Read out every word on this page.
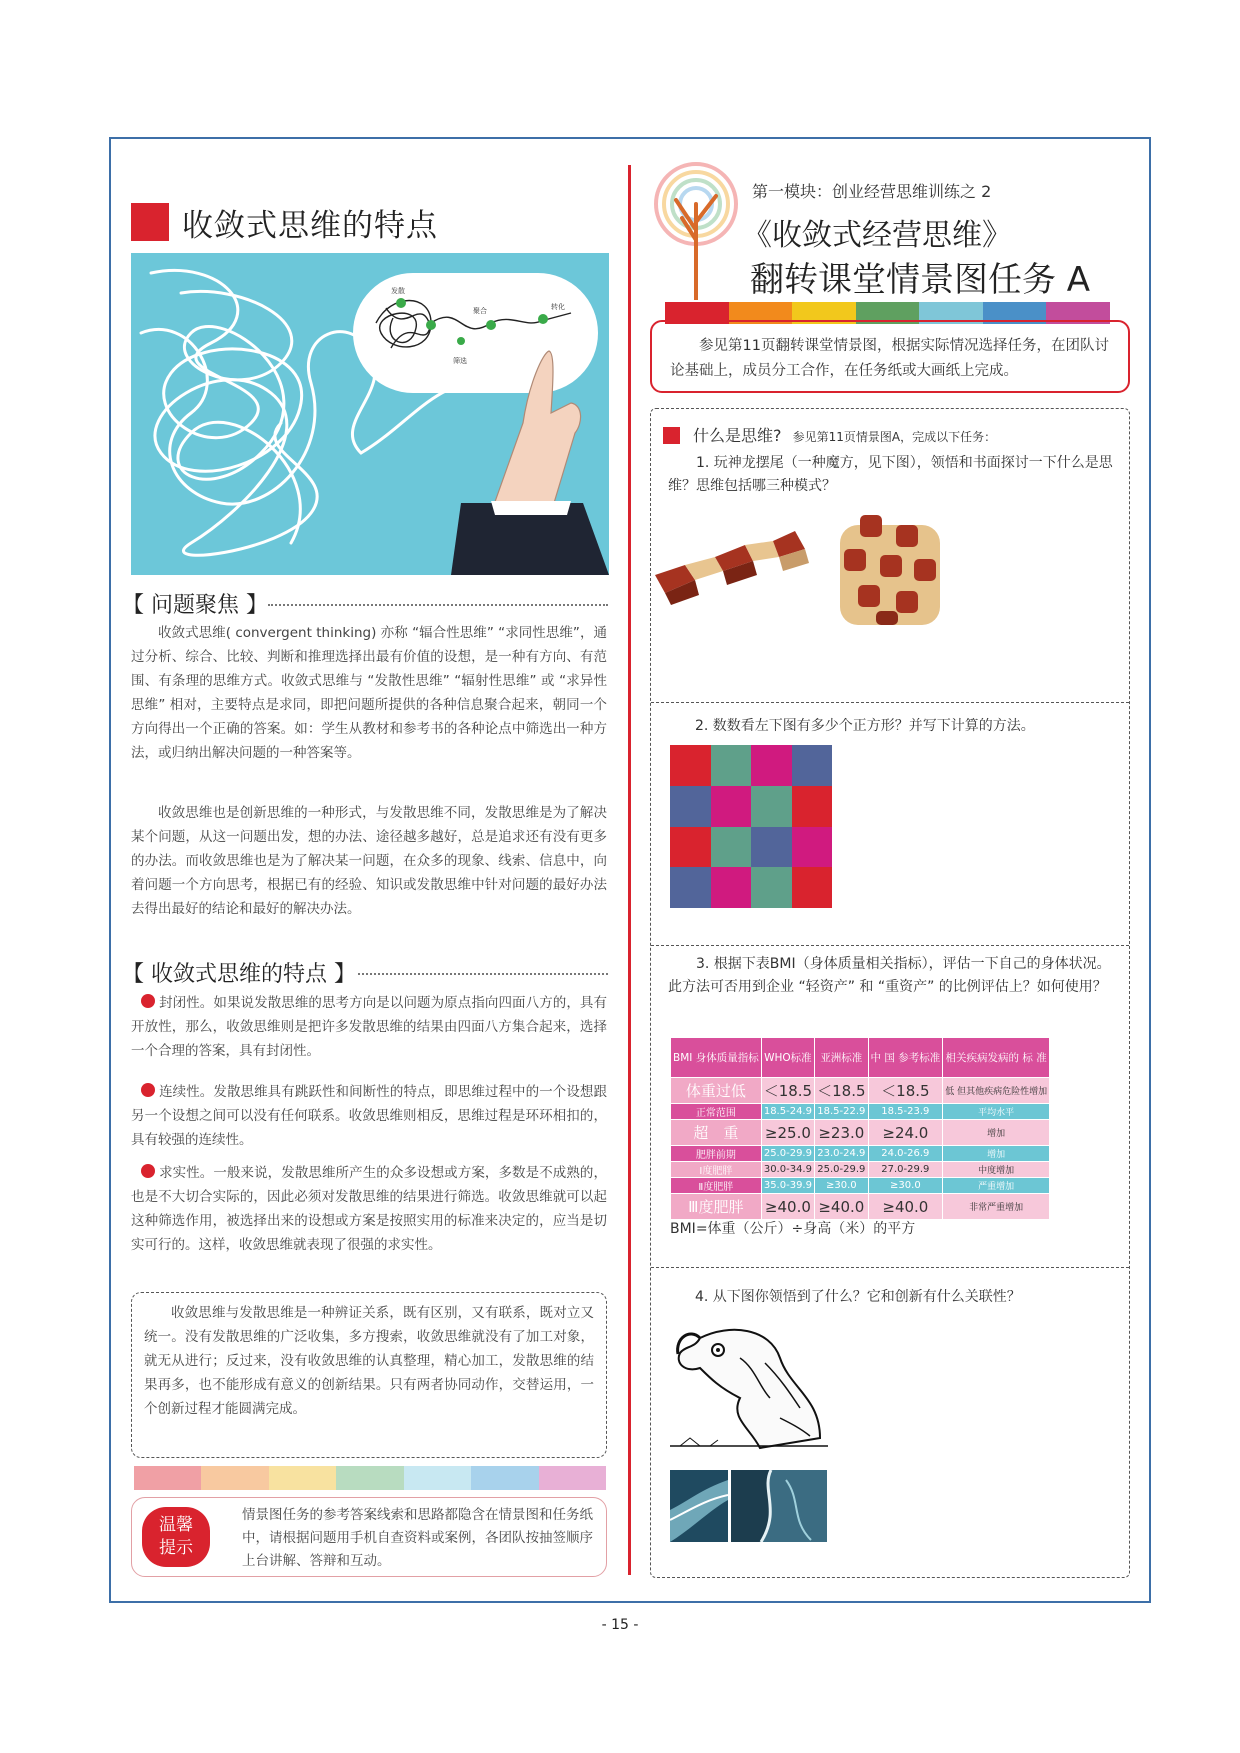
收敛式思维的特点
发散
聚合	转化
筛选
【 问题聚焦 】
收敛式思维( convergent thinking) 亦称 “辐合性思维” “求同性思维”，通过分析、综合、比较、判断和推理选择出最有价值的设想，是一种有方向、有范围、有条理的思维方式。收敛式思维与 “发散性思维” “辐射性思维” 或 “求异性思维” 相对，主要特点是求同，即把问题所提供的各种信息聚合起来，朝同一个方向得出一个正确的答案。如：学生从教材和参考书的各种论点中筛选出一种方法，或归纳出解决问题的一种答案等。
收敛思维也是创新思维的一种形式，与发散思维不同，发散思维是为了解决某个问题，从这一问题出发，想的办法、途径越多越好，总是追求还有没有更多的办法。而收敛思维也是为了解决某一问题，在众多的现象、线索、信息中，向着问题一个方向思考，根据已有的经验、知识或发散思维中针对问题的最好办法去得出最好的结论和最好的解决办法。
【 收敛式思维的特点 】
封闭性。如果说发散思维的思考方向是以问题为原点指向四面八方的，具有开放性，那么，收敛思维则是把许多发散思维的结果由四面八方集合起来，选择一个合理的答案，具有封闭性。
连续性。发散思维具有跳跃性和间断性的特点，即思维过程中的一个设想跟另一个设想之间可以没有任何联系。收敛思维则相反，思维过程是环环相扣的，具有较强的连续性。
求实性。一般来说，发散思维所产生的众多设想或方案，多数是不成熟的，也是不大切合实际的，因此必须对发散思维的结果进行筛选。收敛思维就可以起这种筛选作用，被选择出来的设想或方案是按照实用的标准来决定的，应当是切实可行的。这样，收敛思维就表现了很强的求实性。
收敛思维与发散思维是一种辨证关系，既有区别，又有联系，既对立又统一。没有发散思维的广泛收集，多方搜索，收敛思维就没有了加工对象，就无从进行；反过来，没有收敛思维的认真整理，精心加工，发散思维的结果再多，也不能形成有意义的创新结果。只有两者协同动作，交替运用，一个创新过程才能圆满完成。
温馨
提示
情景图任务的参考答案线索和思路都隐含在情景图和任务纸中，请根据问题用手机自查资料或案例，各团队按抽签顺序上台讲解、答辩和互动。
第一模块：创业经营思维训练之 2
《收敛式经营思维》
翻转课堂情景图任务 A
参见第11页翻转课堂情景图，根据实际情况选择任务，在团队讨论基础上，成员分工合作，在任务纸或大画纸上完成。
什么是思维? 参见第11页情景图A，完成以下任务：
1. 玩神龙摆尾（一种魔方，见下图），领悟和书面探讨一下什么是思维？思维包括哪三种模式？
2. 数数看左下图有多少个正方形？并写下计算的方法。
3. 根据下表BMI（身体质量相关指标），评估一下自己的身体状况。此方法可否用到企业 “轻资产” 和 “重资产” 的比例评估上？如何使用？
BMI 身体质量指标	WHO标准	亚洲标准	中 国 参考标准	相关疾病发病的 标 准
体重过低	＜18.5	＜18.5	＜18.5	低 但其他疾病危险性增加
正常范围	18.5-24.9	18.5-22.9	18.5-23.9	平均水平
超　重	≥25.0	≥23.0	≥24.0	增加
肥胖前期	25.0-29.9	23.0-24.9	24.0-26.9	增加
Ⅰ度肥胖	30.0-34.9	25.0-29.9	27.0-29.9	中度增加
Ⅱ度肥胖	35.0-39.9	≥30.0	≥30.0	严重增加
Ⅲ度肥胖	≥40.0	≥40.0	≥40.0	非常严重增加
BMI=体重（公斤）÷身高（米）的平方
4. 从下图你领悟到了什么？它和创新有什么关联性？
- 15 -
